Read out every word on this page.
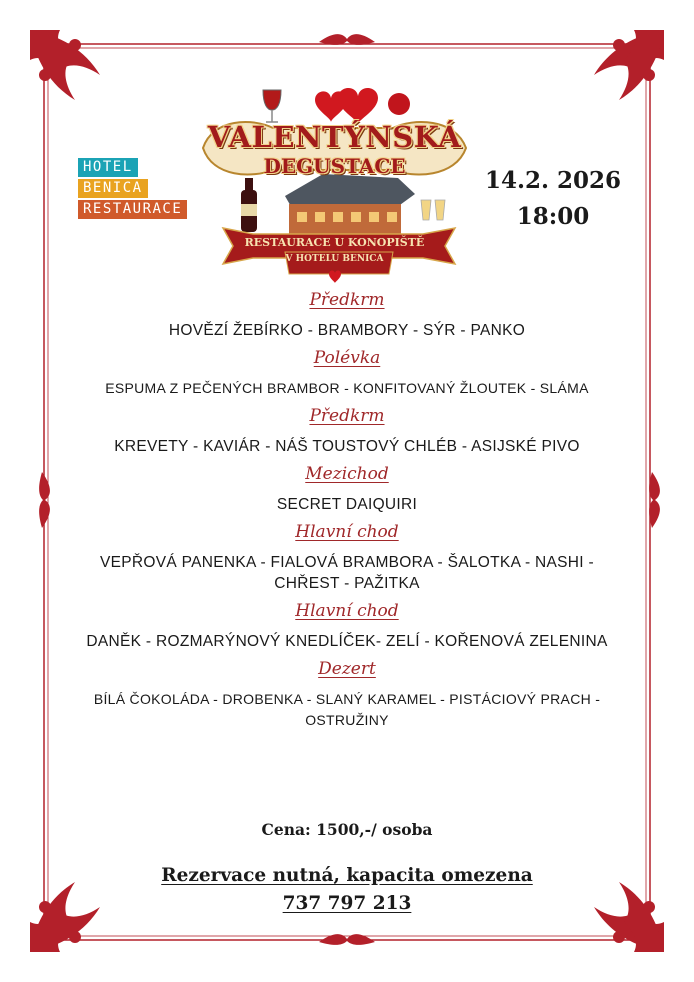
HOTEL
BENICA
RESTAURACE
VALENTÝNSKÁ
DEGUSTACE
RESTAURACE U KONOPIŠTĚ
V HOTELU BENICA
14.2. 2026
18:00
Předkrm
HOVĚZÍ ŽEBÍRKO - BRAMBORY - SÝR - PANKO
Polévka
ESPUMA Z PEČENÝCH BRAMBOR - KONFITOVANÝ ŽLOUTEK - SLÁMA
Předkrm
KREVETY - KAVIÁR - NÁŠ TOUSTOVÝ CHLÉB - ASIJSKÉ PIVO
Mezichod
SECRET DAIQUIRI
Hlavní chod
VEPŘOVÁ PANENKA - FIALOVÁ BRAMBORA - ŠALOTKA - NASHI -
CHŘEST - PAŽITKA
Hlavní chod
DANĚK - ROZMARÝNOVÝ KNEDLÍČEK- ZELÍ - KOŘENOVÁ ZELENINA
Dezert
BÍLÁ ČOKOLÁDA - DROBENKA - SLANÝ KARAMEL - PISTÁCIOVÝ PRACH -
OSTRUŽINY
Cena: 1500,-/ osoba
Rezervace nutná, kapacita omezena
737 797 213
